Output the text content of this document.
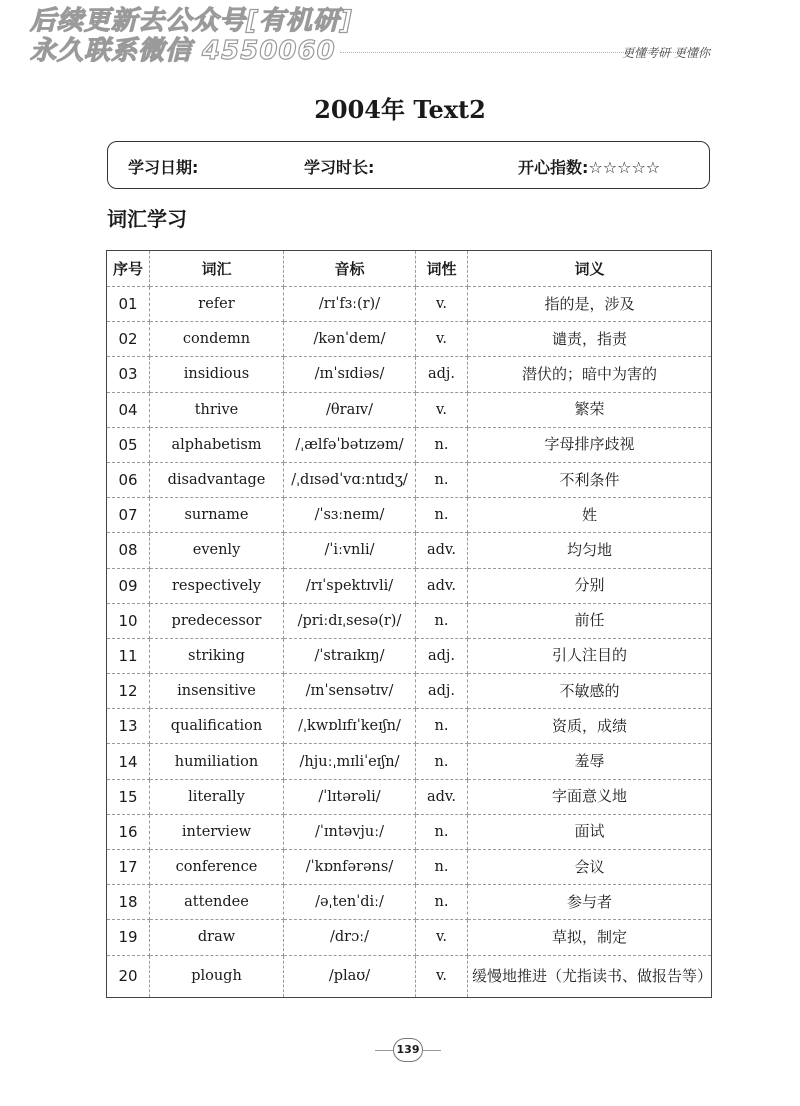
后续更新去公众号[有机研]
永久联系微信 4550060	更懂考研 更懂你
2004年 Text2
学习日期:	学习时长:	开心指数:☆☆☆☆☆
词汇学习
序号	词汇	音标	词性	词义
01	refer	/rɪˈfɜː(r)/	v.	指的是，涉及
02	condemn	/kənˈdem/	v.	谴责，指责
03	insidious	/ɪnˈsɪdiəs/	adj.	潜伏的；暗中为害的
04	thrive	/θraɪv/	v.	繁荣
05	alphabetism	/ˌælfəˈbətɪzəm/	n.	字母排序歧视
06	disadvantage	/ˌdɪsədˈvɑːntɪdʒ/	n.	不利条件
07	surname	/ˈsɜːneɪm/	n.	姓
08	evenly	/ˈiːvnli/	adv.	均匀地
09	respectively	/rɪˈspektɪvli/	adv.	分别
10	predecessor	/priːdɪˌsesə(r)/	n.	前任
11	striking	/ˈstraɪkɪŋ/	adj.	引人注目的
12	insensitive	/ɪnˈsensətɪv/	adj.	不敏感的
13	qualification	/ˌkwɒlɪfɪˈkeɪʃn/	n.	资质，成绩
14	humiliation	/hjuːˌmɪliˈeɪʃn/	n.	羞辱
15	literally	/ˈlɪtərəli/	adv.	字面意义地
16	interview	/ˈɪntəvjuː/	n.	面试
17	conference	/ˈkɒnfərəns/	n.	会议
18	attendee	/əˌtenˈdiː/	n.	参与者
19	draw	/drɔː/	v.	草拟，制定
20	plough	/plaʊ/	v.	缓慢地推进（尤指读书、做报告等）
139
